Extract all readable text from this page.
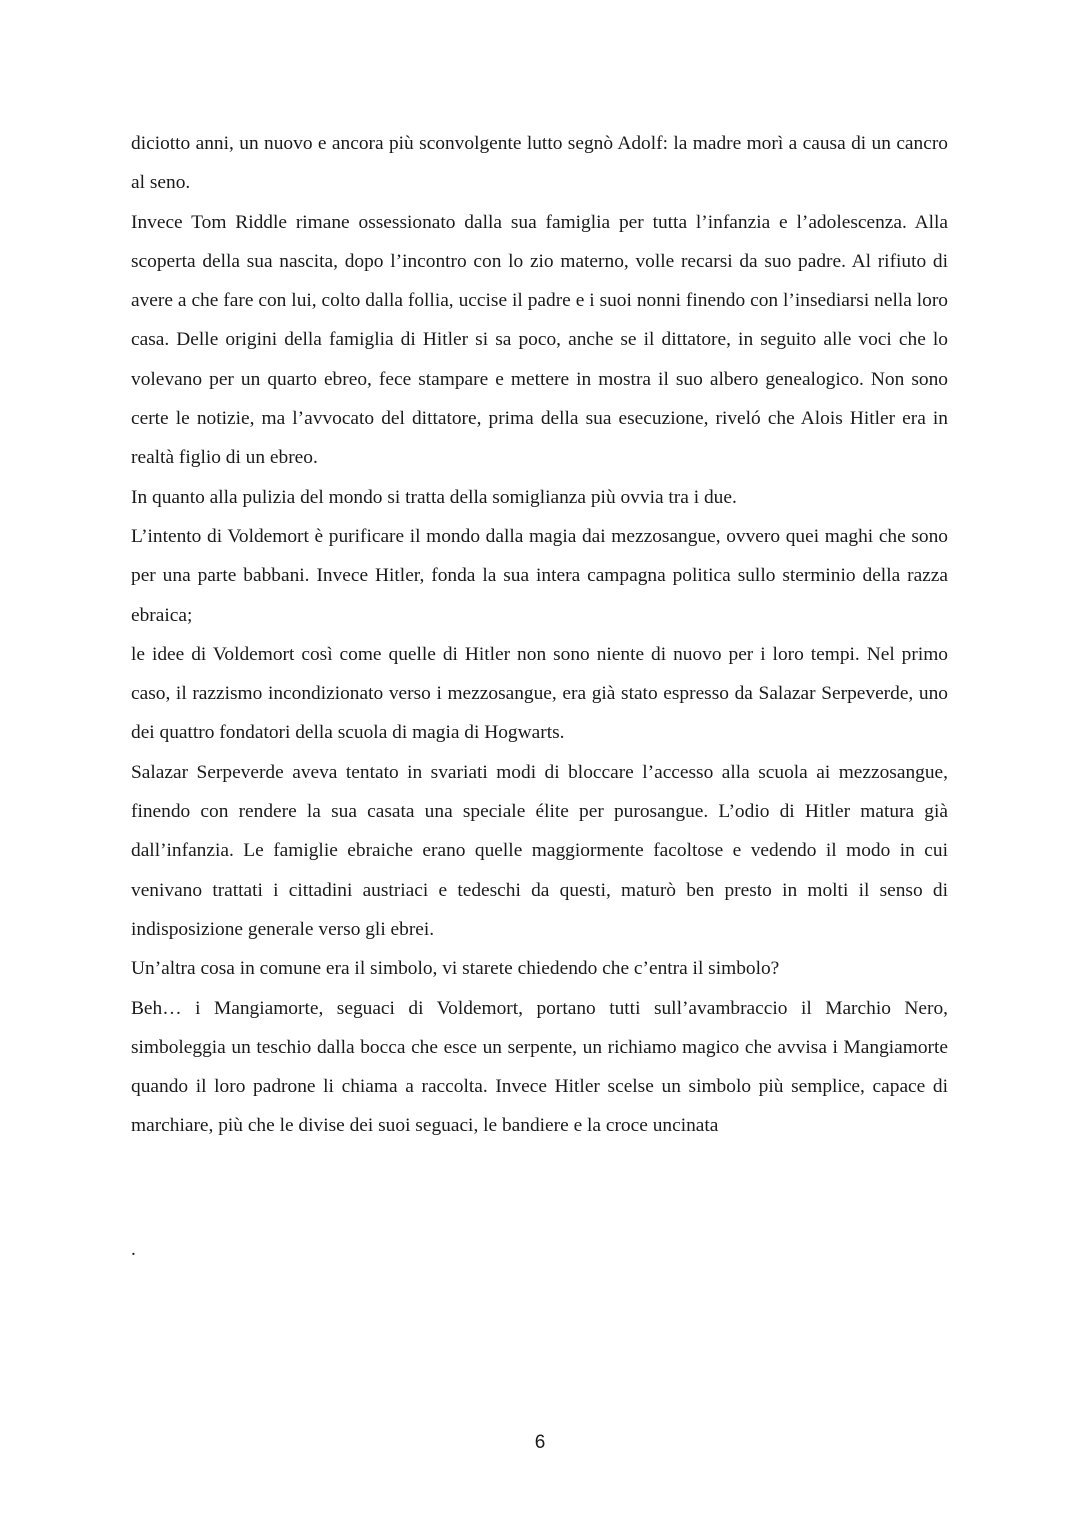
diciotto anni, un nuovo e ancora più sconvolgente lutto segnò Adolf: la madre morì a causa di un cancro al seno.

Invece Tom Riddle rimane ossessionato dalla sua famiglia per tutta l’infanzia e l’adolescenza. Alla scoperta della sua nascita, dopo l’incontro con lo zio materno, volle recarsi da suo padre. Al rifiuto di avere a che fare con lui, colto dalla follia, uccise il padre e i suoi nonni finendo con l’insediarsi nella loro casa. Delle origini della famiglia di Hitler si sa poco, anche se il dittatore, in seguito alle voci che lo volevano per un quarto ebreo, fece stampare e mettere in mostra il suo albero genealogico. Non sono certe le notizie, ma l’avvocato del dittatore, prima della sua esecuzione, riveló che Alois Hitler era in realtà figlio di un ebreo.

In quanto alla pulizia del mondo si tratta della somiglianza più ovvia tra i due.

L’intento di Voldemort è purificare il mondo dalla magia dai mezzosangue, ovvero quei maghi che sono per una parte babbani. Invece Hitler, fonda la sua intera campagna politica sullo sterminio della razza ebraica;

le idee di Voldemort così come quelle di Hitler non sono niente di nuovo per i loro tempi. Nel primo caso, il razzismo incondizionato verso i mezzosangue, era già stato espresso da Salazar Serpeverde, uno dei quattro fondatori della scuola di magia di Hogwarts.

Salazar Serpeverde aveva tentato in svariati modi di bloccare l’accesso alla scuola ai mezzosangue, finendo con rendere la sua casata una speciale élite per purosangue. L’odio di Hitler matura già dall’infanzia. Le famiglie ebraiche erano quelle maggiormente facoltose e vedendo il modo in cui venivano trattati i cittadini austriaci e tedeschi da questi, maturò ben presto in molti il senso di indisposizione generale verso gli ebrei.

Un’altra cosa in comune era il simbolo, vi starete chiedendo che c’entra il simbolo?

Beh… i Mangiamorte, seguaci di Voldemort, portano tutti sull’avambraccio il Marchio Nero, simboleggia un teschio dalla bocca che esce un serpente, un richiamo magico che avvisa i Mangiamorte quando il loro padrone li chiama a raccolta. Invece Hitler scelse un simbolo più semplice, capace di marchiare, più che le divise dei suoi seguaci, le bandiere e la croce uncinata

.
6
